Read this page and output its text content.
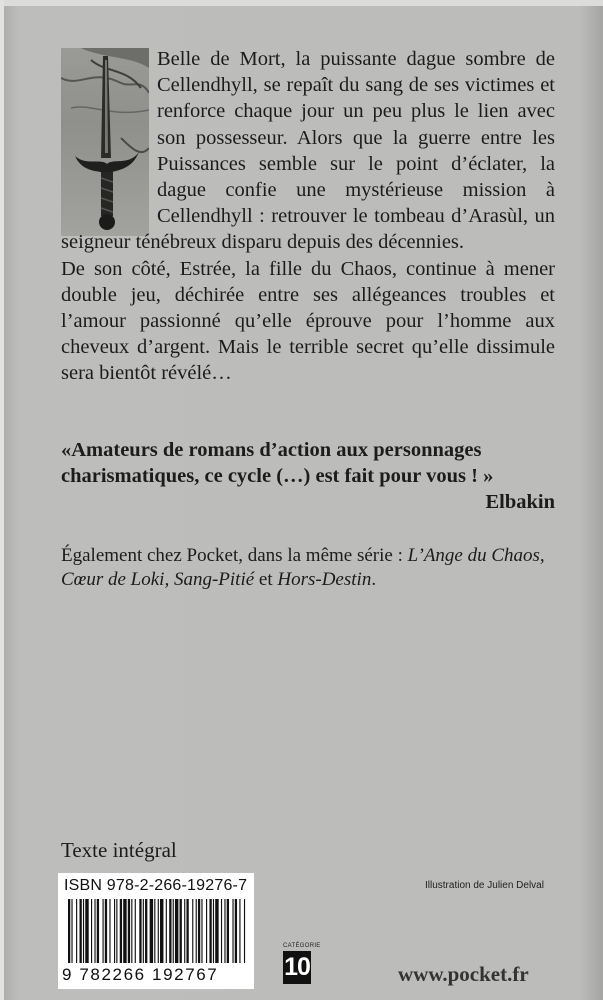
Belle de Mort, la puissante dague sombre de Cellendhyll, se repaît du sang de ses victimes et renforce chaque jour un peu plus le lien avec son possesseur. Alors que la guerre entre les Puissances semble sur le point d’éclater, la dague confie une mystérieuse mission à Cellendhyll : retrouver le tombeau d’Arasùl, un seigneur ténébreux disparu depuis des décennies.

De son côté, Estrée, la fille du Chaos, continue à mener double jeu, déchirée entre ses allégeances troubles et l’amour passionné qu’elle éprouve pour l’homme aux cheveux d’argent. Mais le terrible secret qu’elle dissimule sera bientôt révélé…

«Amateurs de romans d’action aux personnages charismatiques, ce cycle (…) est fait pour vous ! »

Elbakin

Également chez Pocket, dans la même série : L’Ange du Chaos, Cœur de Loki, Sang-Pitié et Hors-Destin.
Texte intégral
ISBN 978-2-266-19276-7
9 782266 192767
CATÉGORIE
10
Illustration de Julien Delval
www.pocket.fr
